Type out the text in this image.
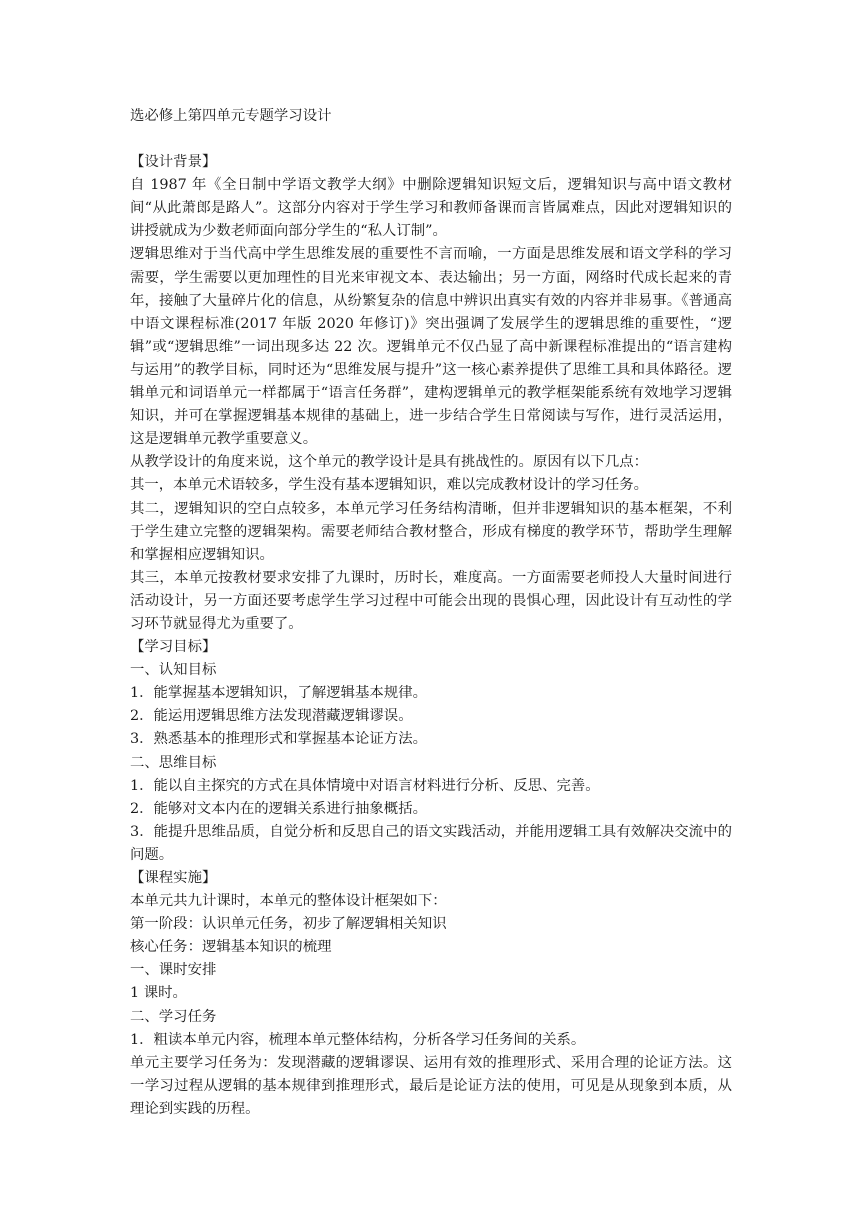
选必修上第四单元专题学习设计

【设计背景】

自 1987 年《全日制中学语文教学大纲》中删除逻辑知识短文后，逻辑知识与高中语文教材间“从此萧郎是路人”。这部分内容对于学生学习和教师备课而言皆属难点，因此对逻辑知识的讲授就成为少数老师面向部分学生的“私人订制”。

逻辑思维对于当代高中学生思维发展的重要性不言而喻，一方面是思维发展和语文学科的学习需要，学生需要以更加理性的目光来审视文本、表达输出；另一方面，网络时代成长起来的青年，接触了大量碎片化的信息，从纷繁复杂的信息中辨识出真实有效的内容并非易事。《普通高中语文课程标准(2017 年版 2020 年修订)》突出强调了发展学生的逻辑思维的重要性，“逻辑”或“逻辑思维”一词出现多达 22 次。逻辑单元不仅凸显了高中新课程标准提出的“语言建构与运用”的教学目标，同时还为“思维发展与提升”这一核心素养提供了思维工具和具体路径。逻辑单元和词语单元一样都属于“语言任务群”，建构逻辑单元的教学框架能系统有效地学习逻辑知识，并可在掌握逻辑基本规律的基础上，进一步结合学生日常阅读与写作，进行灵活运用，这是逻辑单元教学重要意义。

从教学设计的角度来说，这个单元的教学设计是具有挑战性的。原因有以下几点：

其一，本单元术语较多，学生没有基本逻辑知识，难以完成教材设计的学习任务。

其二，逻辑知识的空白点较多，本单元学习任务结构清晰，但并非逻辑知识的基本框架，不利于学生建立完整的逻辑架构。需要老师结合教材整合，形成有梯度的教学环节，帮助学生理解和掌握相应逻辑知识。

其三，本单元按教材要求安排了九课时，历时长，难度高。一方面需要老师投人大量时间进行活动设计，另一方面还要考虑学生学习过程中可能会出现的畏惧心理，因此设计有互动性的学习环节就显得尤为重要了。

【学习目标】

一、认知目标

1．能掌握基本逻辑知识，了解逻辑基本规律。

2．能运用逻辑思维方法发现潜藏逻辑谬误。

3．熟悉基本的推理形式和掌握基本论证方法。

二、思维目标

1．能以自主探究的方式在具体情境中对语言材料进行分析、反思、完善。

2．能够对文本内在的逻辑关系进行抽象概括。

3．能提升思维品质，自觉分析和反思自己的语文实践活动，并能用逻辑工具有效解决交流中的问题。

【课程实施】

本单元共九计课时，本单元的整体设计框架如下：

第一阶段：认识单元任务，初步了解逻辑相关知识

核心任务：逻辑基本知识的梳理

一、课时安排

1 课时。

二、学习任务

1．粗读本单元内容，梳理本单元整体结构，分析各学习任务间的关系。

单元主要学习任务为：发现潜藏的逻辑谬误、运用有效的推理形式、采用合理的论证方法。这一学习过程从逻辑的基本规律到推理形式，最后是论证方法的使用，可见是从现象到本质，从理论到实践的历程。
